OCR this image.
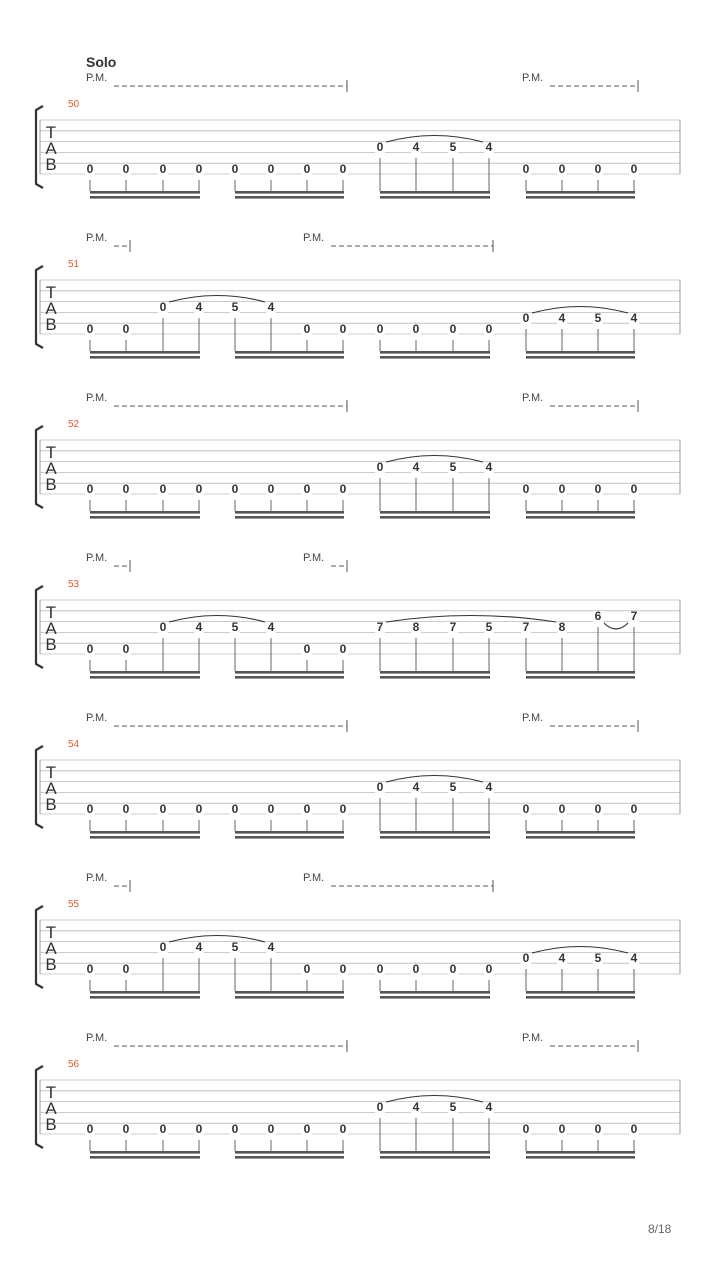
Solo
P.M.	P.M.
50
T
A
B 0 0	0 0 0 0 0 0
0 4	5 4
0 0 0 0
P.M.	P.M.
51
T
A
B 0 0
0 4 5 4
0 0	0 0	0 0
0 4 5 4
P.M.	P.M.
52
T
A
B 0 0	0 0 0 0 0 0
0 4	5 4
0 0 0 0
P.M.	P.M.
53
T
A
B 0 0
0 4 5 4
0 0
7 8	7 5	7 8
6 7
P.M.	P.M.
54
T
A
B 0 0	0 0 0 0 0 0
0 4	5 4
0 0 0 0
P.M.	P.M.
55
T
A
B 0 0
0 4 5 4
0 0	0 0	0 0
0 4 5 4
P.M.	P.M.
56
T
A
B 0 0	0 0 0 0 0 0
0 4	5 4
0 0 0 0
8/18
